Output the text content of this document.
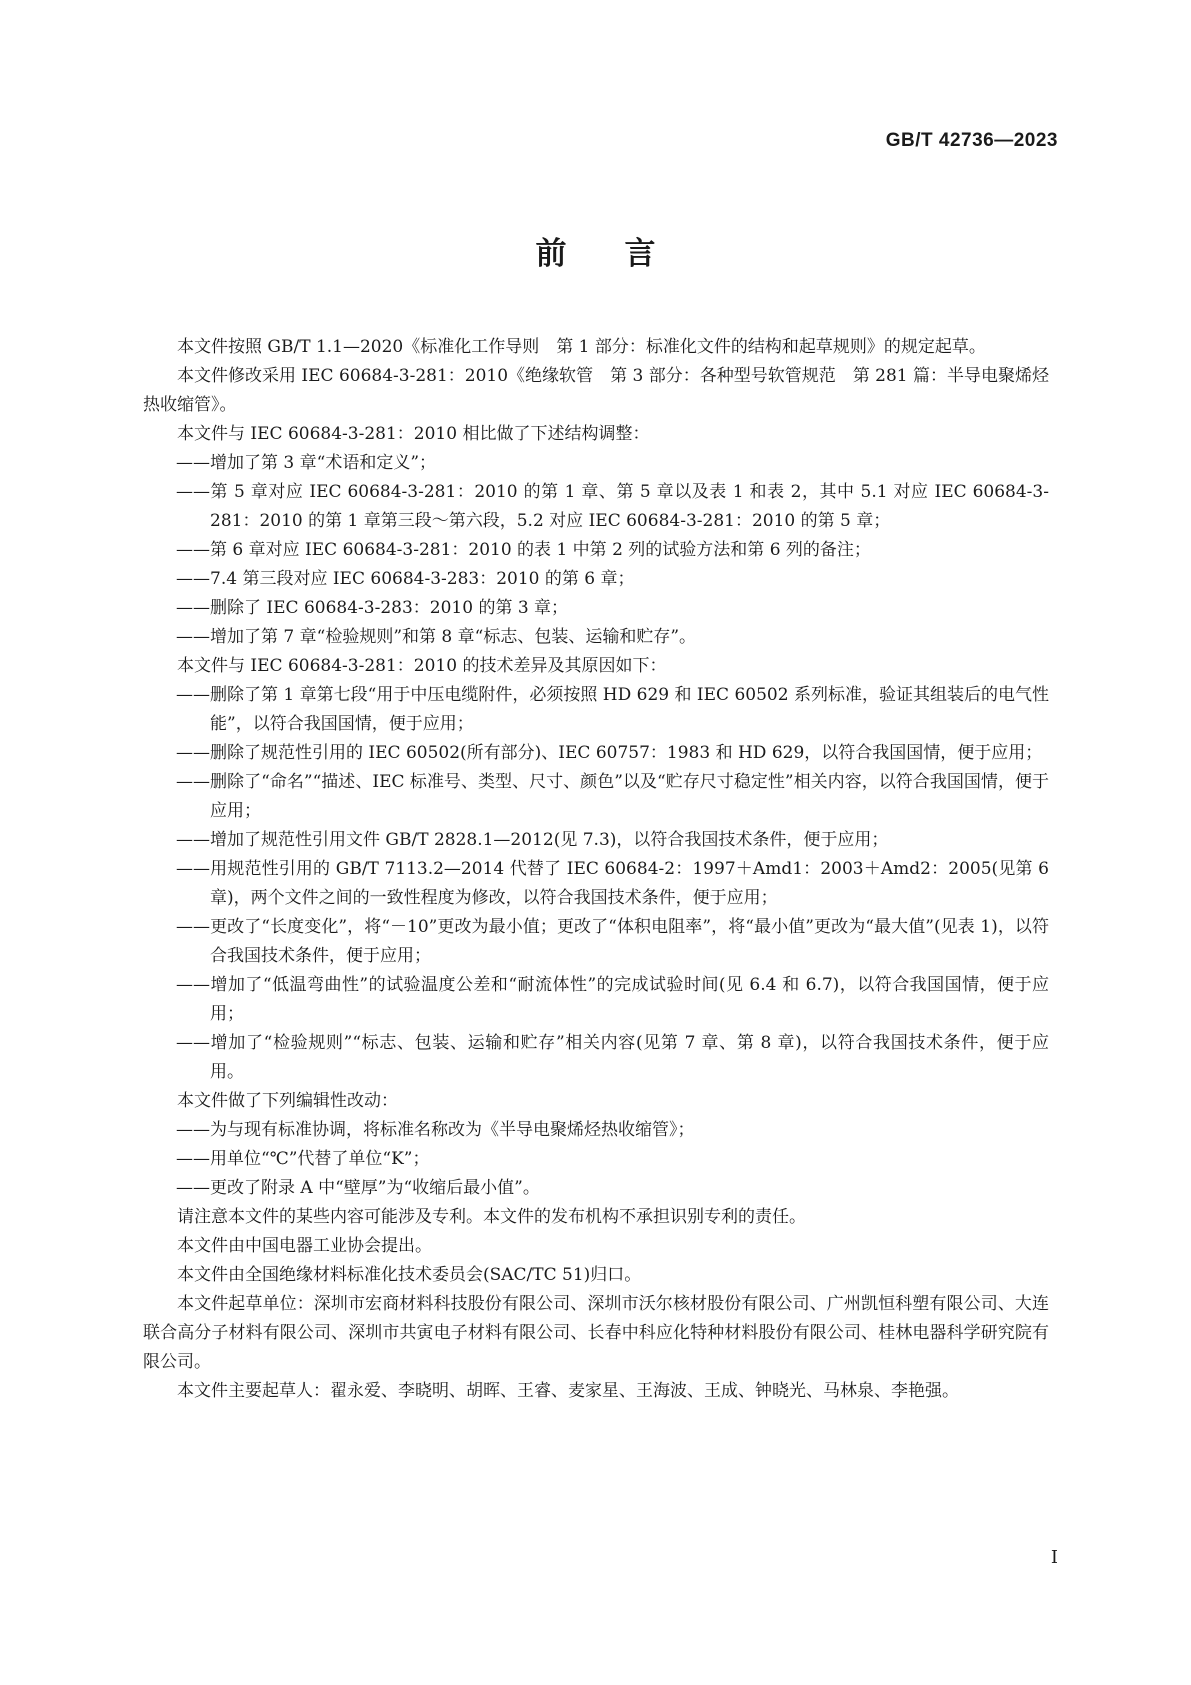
GB/T 42736—2023
前言

本文件按照 GB/T 1.1—2020《标准化工作导则　第 1 部分：标准化文件的结构和起草规则》的规定起草。

本文件修改采用 IEC 60684-3-281：2010《绝缘软管　第 3 部分：各种型号软管规范　第 281 篇：半导电聚烯烃热收缩管》。

本文件与 IEC 60684-3-281：2010 相比做了下述结构调整：

——增加了第 3 章“术语和定义”；

——第 5 章对应 IEC 60684-3-281：2010 的第 1 章、第 5 章以及表 1 和表 2，其中 5.1 对应 IEC 60684-3-281：2010 的第 1 章第三段～第六段，5.2 对应 IEC 60684-3-281：2010 的第 5 章；

——第 6 章对应 IEC 60684-3-281：2010 的表 1 中第 2 列的试验方法和第 6 列的备注；

——7.4 第三段对应 IEC 60684-3-283：2010 的第 6 章；

——删除了 IEC 60684-3-283：2010 的第 3 章；

——增加了第 7 章“检验规则”和第 8 章“标志、包装、运输和贮存”。

本文件与 IEC 60684-3-281：2010 的技术差异及其原因如下：

——删除了第 1 章第七段“用于中压电缆附件，必须按照 HD 629 和 IEC 60502 系列标准，验证其组装后的电气性能”，以符合我国国情，便于应用；

——删除了规范性引用的 IEC 60502(所有部分)、IEC 60757：1983 和 HD 629，以符合我国国情，便于应用；

——删除了“命名”“描述、IEC 标准号、类型、尺寸、颜色”以及“贮存尺寸稳定性”相关内容，以符合我国国情，便于应用；

——增加了规范性引用文件 GB/T 2828.1—2012(见 7.3)，以符合我国技术条件，便于应用；

——用规范性引用的 GB/T 7113.2—2014 代替了 IEC 60684-2：1997＋Amd1：2003＋Amd2：2005(见第 6 章)，两个文件之间的一致性程度为修改，以符合我国技术条件，便于应用；

——更改了“长度变化”，将“－10”更改为最小值；更改了“体积电阻率”，将“最小值”更改为“最大值”(见表 1)，以符合我国技术条件，便于应用；

——增加了“低温弯曲性”的试验温度公差和“耐流体性”的完成试验时间(见 6.4 和 6.7)，以符合我国国情，便于应用；

——增加了“检验规则”“标志、包装、运输和贮存”相关内容(见第 7 章、第 8 章)，以符合我国技术条件，便于应用。

本文件做了下列编辑性改动：

——为与现有标准协调，将标准名称改为《半导电聚烯烃热收缩管》；

——用单位“℃”代替了单位“K”；

——更改了附录 A 中“壁厚”为“收缩后最小值”。

请注意本文件的某些内容可能涉及专利。本文件的发布机构不承担识别专利的责任。

本文件由中国电器工业协会提出。

本文件由全国绝缘材料标准化技术委员会(SAC/TC 51)归口。

本文件起草单位：深圳市宏商材料科技股份有限公司、深圳市沃尔核材股份有限公司、广州凯恒科塑有限公司、大连联合高分子材料有限公司、深圳市共寅电子材料有限公司、长春中科应化特种材料股份有限公司、桂林电器科学研究院有限公司。

本文件主要起草人：翟永爱、李晓明、胡晖、王睿、麦家星、王海波、王成、钟晓光、马林泉、李艳强。

I
